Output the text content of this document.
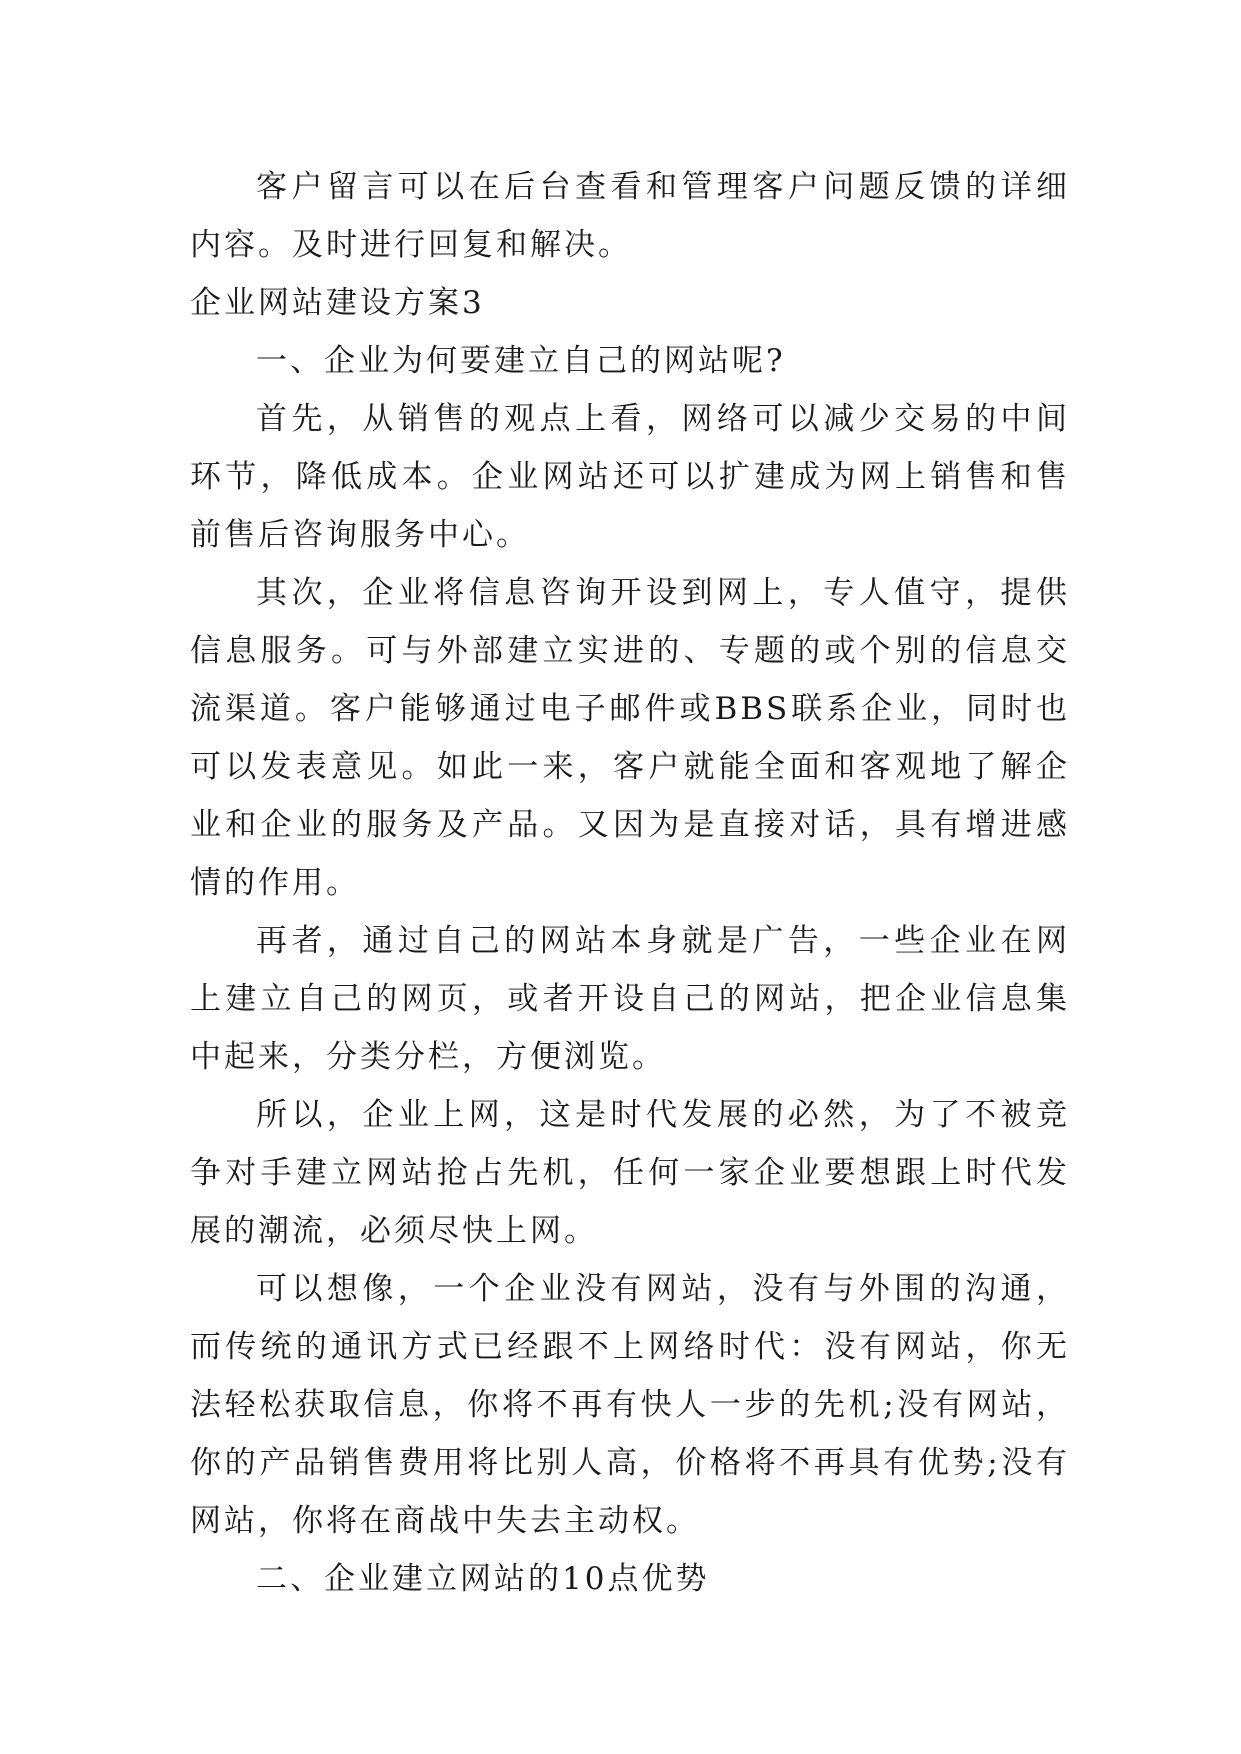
客户留言可以在后台查看和管理客户问题反馈的详细内容。及时进行回复和解决。

企业网站建设方案3

一、企业为何要建立自己的网站呢?

首先，从销售的观点上看，网络可以减少交易的中间环节，降低成本。企业网站还可以扩建成为网上销售和售前售后咨询服务中心。

其次，企业将信息咨询开设到网上，专人值守，提供信息服务。可与外部建立实进的、专题的或个别的信息交流渠道。客户能够通过电子邮件或BBS联系企业，同时也可以发表意见。如此一来，客户就能全面和客观地了解企业和企业的服务及产品。又因为是直接对话，具有增进感情的作用。

再者，通过自己的网站本身就是广告，一些企业在网上建立自己的网页，或者开设自己的网站，把企业信息集中起来，分类分栏，方便浏览。

所以，企业上网，这是时代发展的必然，为了不被竞争对手建立网站抢占先机，任何一家企业要想跟上时代发展的潮流，必须尽快上网。

可以想像，一个企业没有网站，没有与外围的沟通，而传统的通讯方式已经跟不上网络时代：没有网站，你无法轻松获取信息，你将不再有快人一步的先机;没有网站，你的产品销售费用将比别人高，价格将不再具有优势;没有网站，你将在商战中失去主动权。

二、企业建立网站的10点优势
